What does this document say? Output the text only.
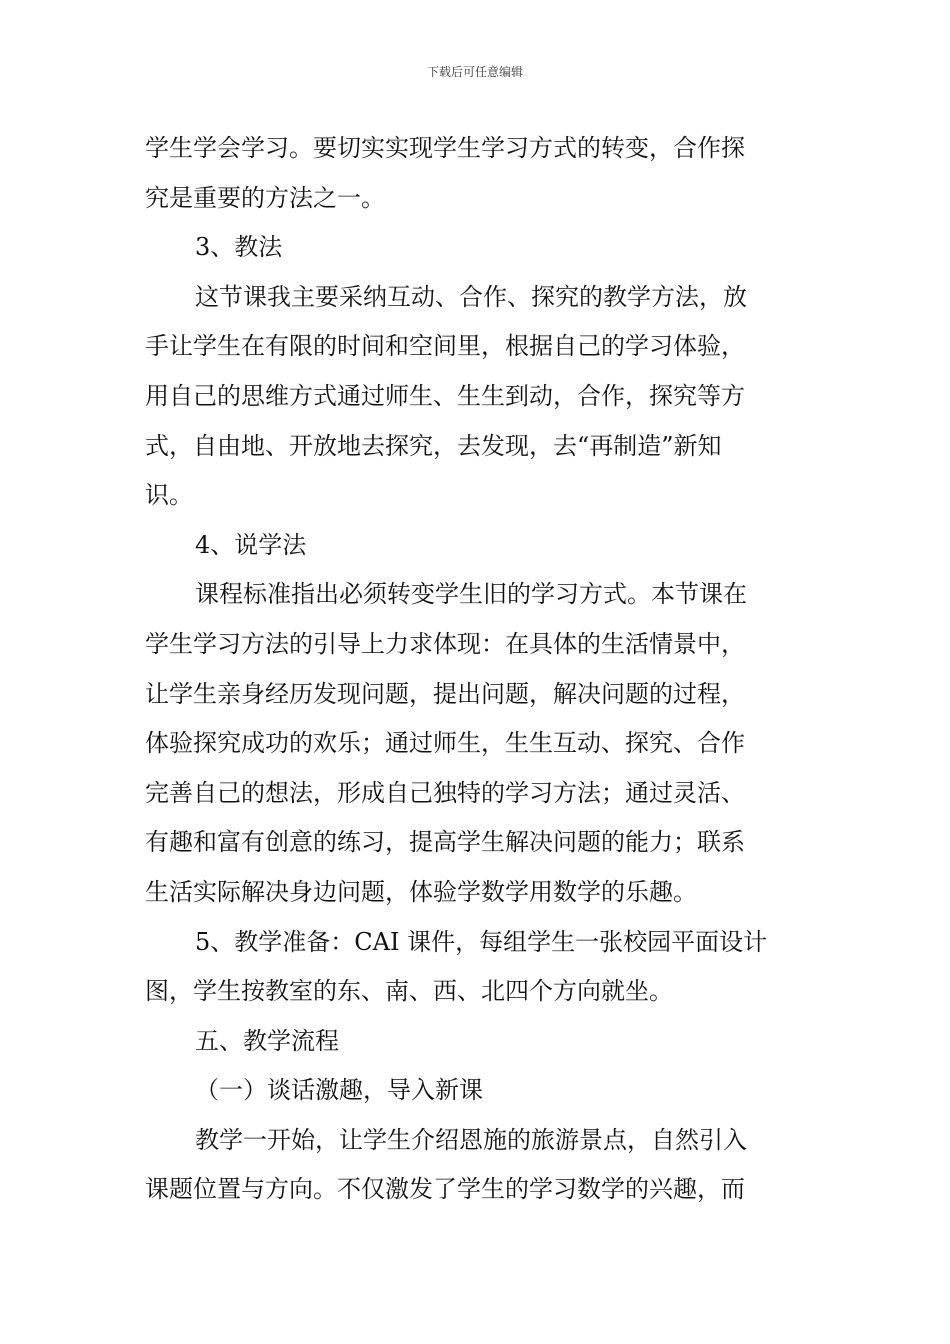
下载后可任意编辑
学生学会学习。要切实实现学生学习方式的转变，合作探
究是重要的方法之一。
3、教法
这节课我主要采纳互动、合作、探究的教学方法，放
手让学生在有限的时间和空间里，根据自己的学习体验，
用自己的思维方式通过师生、生生到动，合作，探究等方
式，自由地、开放地去探究，去发现，去“再制造”新知
识。
4、说学法
课程标准指出必须转变学生旧的学习方式。本节课在
学生学习方法的引导上力求体现：在具体的生活情景中，
让学生亲身经历发现问题，提出问题，解决问题的过程，
体验探究成功的欢乐；通过师生，生生互动、探究、合作
完善自己的想法，形成自己独特的学习方法；通过灵活、
有趣和富有创意的练习，提高学生解决问题的能力；联系
生活实际解决身边问题，体验学数学用数学的乐趣。
5、教学准备：CAI 课件，每组学生一张校园平面设计
图，学生按教室的东、南、西、北四个方向就坐。
五、教学流程
（一）谈话激趣，导入新课
教学一开始，让学生介绍恩施的旅游景点，自然引入
课题位置与方向。不仅激发了学生的学习数学的兴趣，而
